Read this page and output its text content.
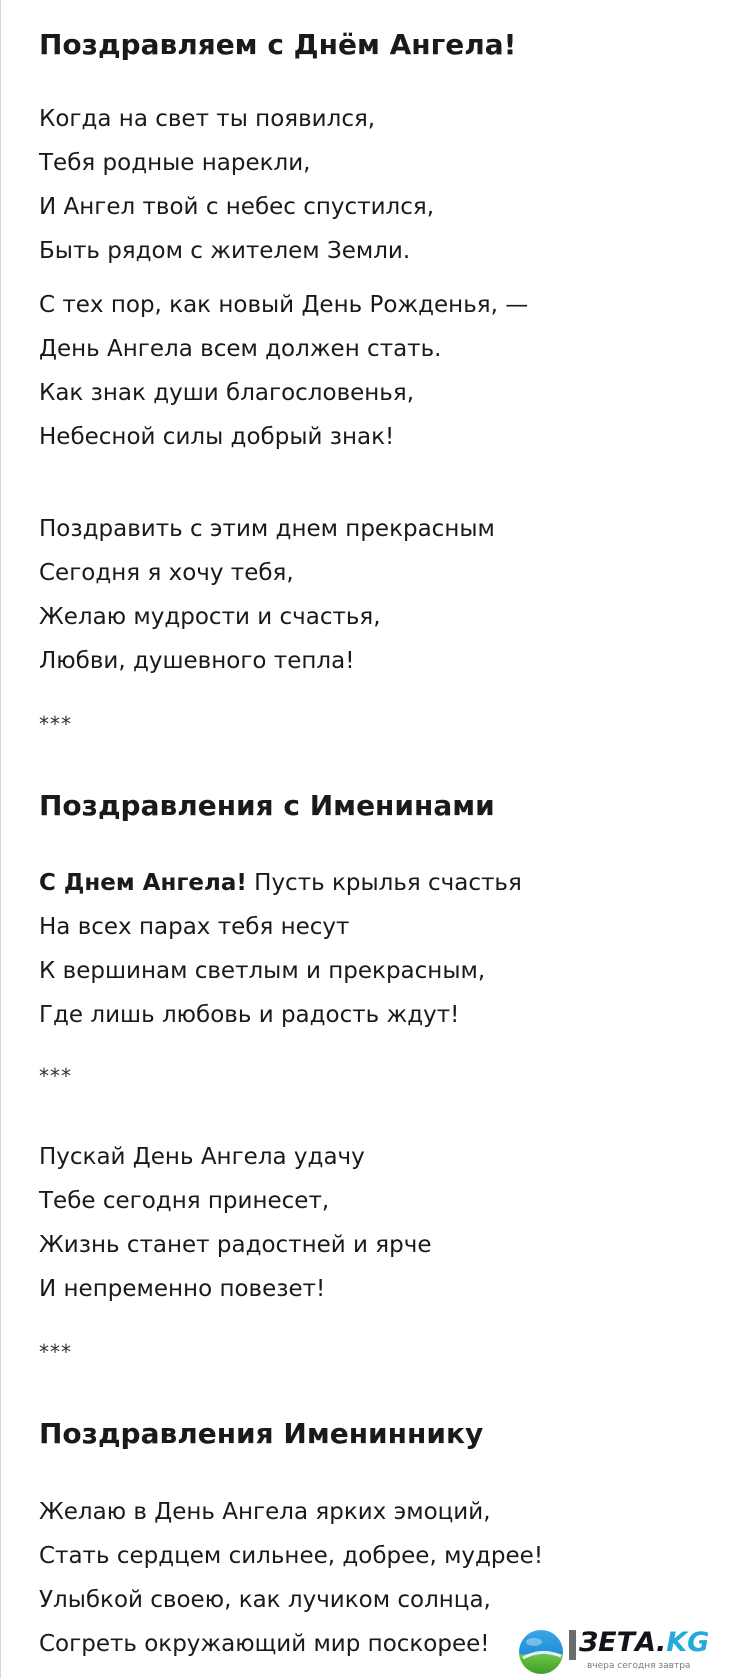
Поздравляем с Днём Ангела!

Когда на свет ты появился,

Тебя родные нарекли,

И Ангел твой с небес спустился,

Быть рядом с жителем Земли.

С тех пор, как новый День Рожденья, —

День Ангела всем должен стать.

Как знак души благословенья,

Небесной силы добрый знак!

Поздравить с этим днем прекрасным

Сегодня я хочу тебя,

Желаю мудрости и счастья,

Любви, душевного тепла!

***

Поздравления с Именинами

С Днем Ангела! Пусть крылья счастья

На всех парах тебя несут

К вершинам светлым и прекрасным,

Где лишь любовь и радость ждут!

***

Пускай День Ангела удачу

Тебе сегодня принесет,

Жизнь станет радостней и ярче

И непременно повезет!

***

Поздравления Имениннику

Желаю в День Ангела ярких эмоций,

Стать сердцем сильнее, добрее, мудрее!

Улыбкой своею, как лучиком солнца,

Согреть окружающий мир поскорее!	ЗЕТА.KG
вчера сегодня завтра
